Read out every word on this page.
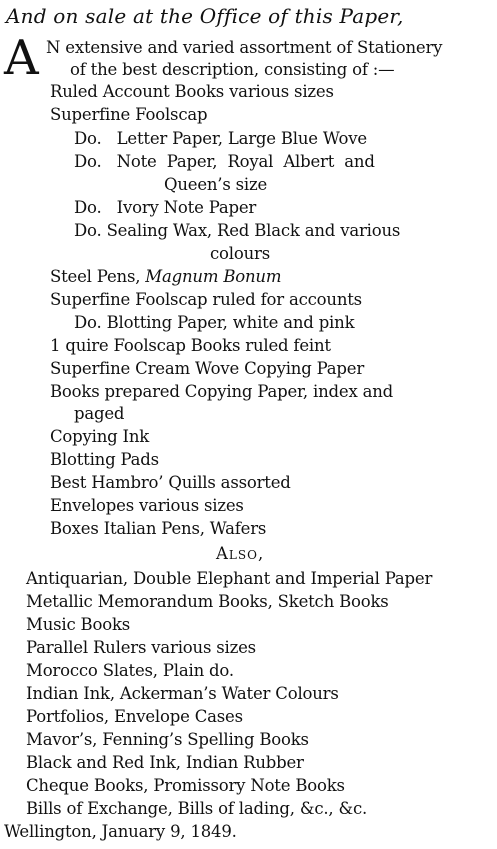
And on sale at the Office of this Paper,
A N extensive and varied assortment of Stationery
of the best description, consisting of :—
Ruled Account Books various sizes
Superfine Foolscap
Do.   Letter Paper, Large Blue Wove
Do.   Note  Paper,  Royal  Albert  and
Queen’s size
Do.   Ivory Note Paper
Do. Sealing Wax, Red Black and various
colours
Steel Pens, Magnum Bonum
Superfine Foolscap ruled for accounts
Do. Blotting Paper, white and pink
1 quire Foolscap Books ruled feint
Superfine Cream Wove Copying Paper
Books prepared Copying Paper, index and
paged
Copying Ink
Blotting Pads
Best Hambro’ Quills assorted
Envelopes various sizes
Boxes Italian Pens, Wafers
Also,
Antiquarian, Double Elephant and Imperial Paper
Metallic Memorandum Books, Sketch Books
Music Books
Parallel Rulers various sizes
Morocco Slates, Plain do.
Indian Ink, Ackerman’s Water Colours
Portfolios, Envelope Cases
Mavor’s, Fenning’s Spelling Books
Black and Red Ink, Indian Rubber
Cheque Books, Promissory Note Books
Bills of Exchange, Bills of lading, &c., &c.
Wellington, January 9, 1849.
